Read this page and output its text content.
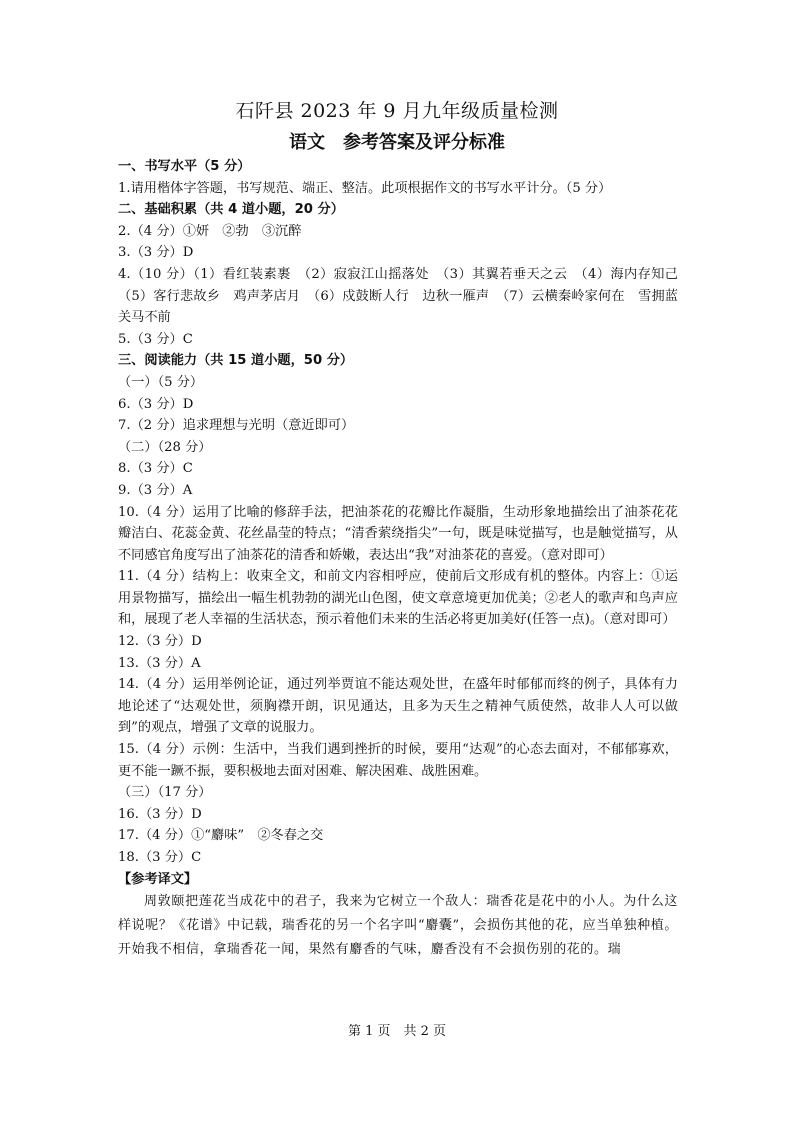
石阡县 2023 年 9 月九年级质量检测
语文　参考答案及评分标准
一、书写水平（5 分）
1.请用楷体字答题，书写规范、端正、整洁。此项根据作文的书写水平计分。（5 分）
二、基础积累（共 4 道小题，20 分）
2.（4 分）①妍　②勃　③沉醉
3.（3 分）D
4.（10 分）（1）看红装素裹　（2）寂寂江山摇落处　（3）其翼若垂天之云　（4）海内存知己　（5）客行悲故乡　鸡声茅店月　（6）戍鼓断人行　边秋一雁声　（7）云横秦岭家何在　雪拥蓝关马不前
5.（3 分）C
三、阅读能力（共 15 道小题，50 分）
（一）（5 分）
6.（3 分）D
7.（2 分）追求理想与光明（意近即可）
（二）（28 分）
8.（3 分）C
9.（3 分）A
10.（4 分）运用了比喻的修辞手法，把油茶花的花瓣比作凝脂，生动形象地描绘出了油茶花花瓣洁白、花蕊金黄、花丝晶莹的特点；“清香萦绕指尖”一句，既是味觉描写，也是触觉描写，从不同感官角度写出了油茶花的清香和娇嫩，表达出“我”对油茶花的喜爱。（意对即可）
11.（4 分）结构上：收束全文，和前文内容相呼应，使前后文形成有机的整体。内容上：①运用景物描写，描绘出一幅生机勃勃的湖光山色图，使文章意境更加优美；②老人的歌声和鸟声应和，展现了老人幸福的生活状态，预示着他们未来的生活必将更加美好(任答一点)。（意对即可）
12.（3 分）D
13.（3 分）A
14.（4 分）运用举例论证，通过列举贾谊不能达观处世，在盛年时郁郁而终的例子，具体有力地论述了“达观处世，须胸襟开朗，识见通达，且多为天生之精神气质使然，故非人人可以做到”的观点，增强了文章的说服力。
15.（4 分）示例：生活中，当我们遇到挫折的时候，要用“达观”的心态去面对，不郁郁寡欢，更不能一蹶不振，要积极地去面对困难、解决困难、战胜困难。
（三）（17 分）
16.（3 分）D
17.（4 分）①“麝味”　②冬春之交
18.（3 分）C
【参考译文】
周敦颐把莲花当成花中的君子，我来为它树立一个敌人：瑞香花是花中的小人。为什么这样说呢？《花谱》中记载，瑞香花的另一个名字叫“麝囊”，会损伤其他的花，应当单独种植。开始我不相信，拿瑞香花一闻，果然有麝香的气味，麝香没有不会损伤别的花的。瑞
第 1 页　共 2 页
